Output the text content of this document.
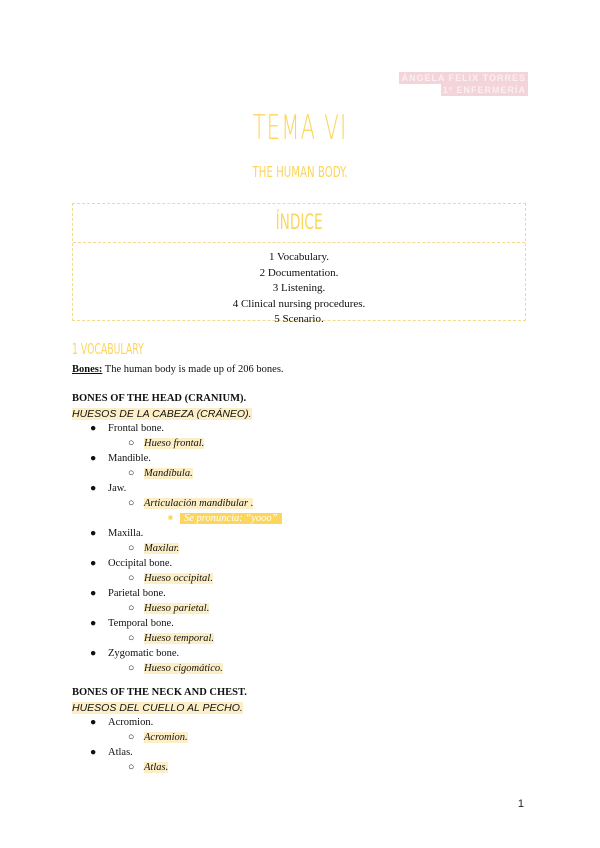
ÁNGELA FELIX TORRES
1º ENFERMERÍA
TEMA VI
THE HUMAN BODY.
ÍNDICE
1 Vocabulary.
2 Documentation.
3 Listening.
4 Clinical nursing procedures.
5 Scenario.
1 VOCABULARY
Bones: The human body is made up of 206 bones.
BONES OF THE HEAD (CRANIUM).
HUESOS DE LA CABEZA (CRÁNEO).
● Frontal bone.
○ Hueso frontal.
● Mandible.
○ Mandíbula.
● Jaw.
○ Articulación mandibular .
■	Se pronuncia: “yooo”
● Maxilla.
○ Maxilar.
● Occipital bone.
○ Hueso occipital.
● Parietal bone.
○ Hueso parietal.
● Temporal bone.
○ Hueso temporal.
● Zygomatic bone.
○ Hueso cigomático.
BONES OF THE NECK AND CHEST.
HUESOS DEL CUELLO AL PECHO.
● Acromion.
○ Acromion.
● Atlas.
○ Atlas.
1
